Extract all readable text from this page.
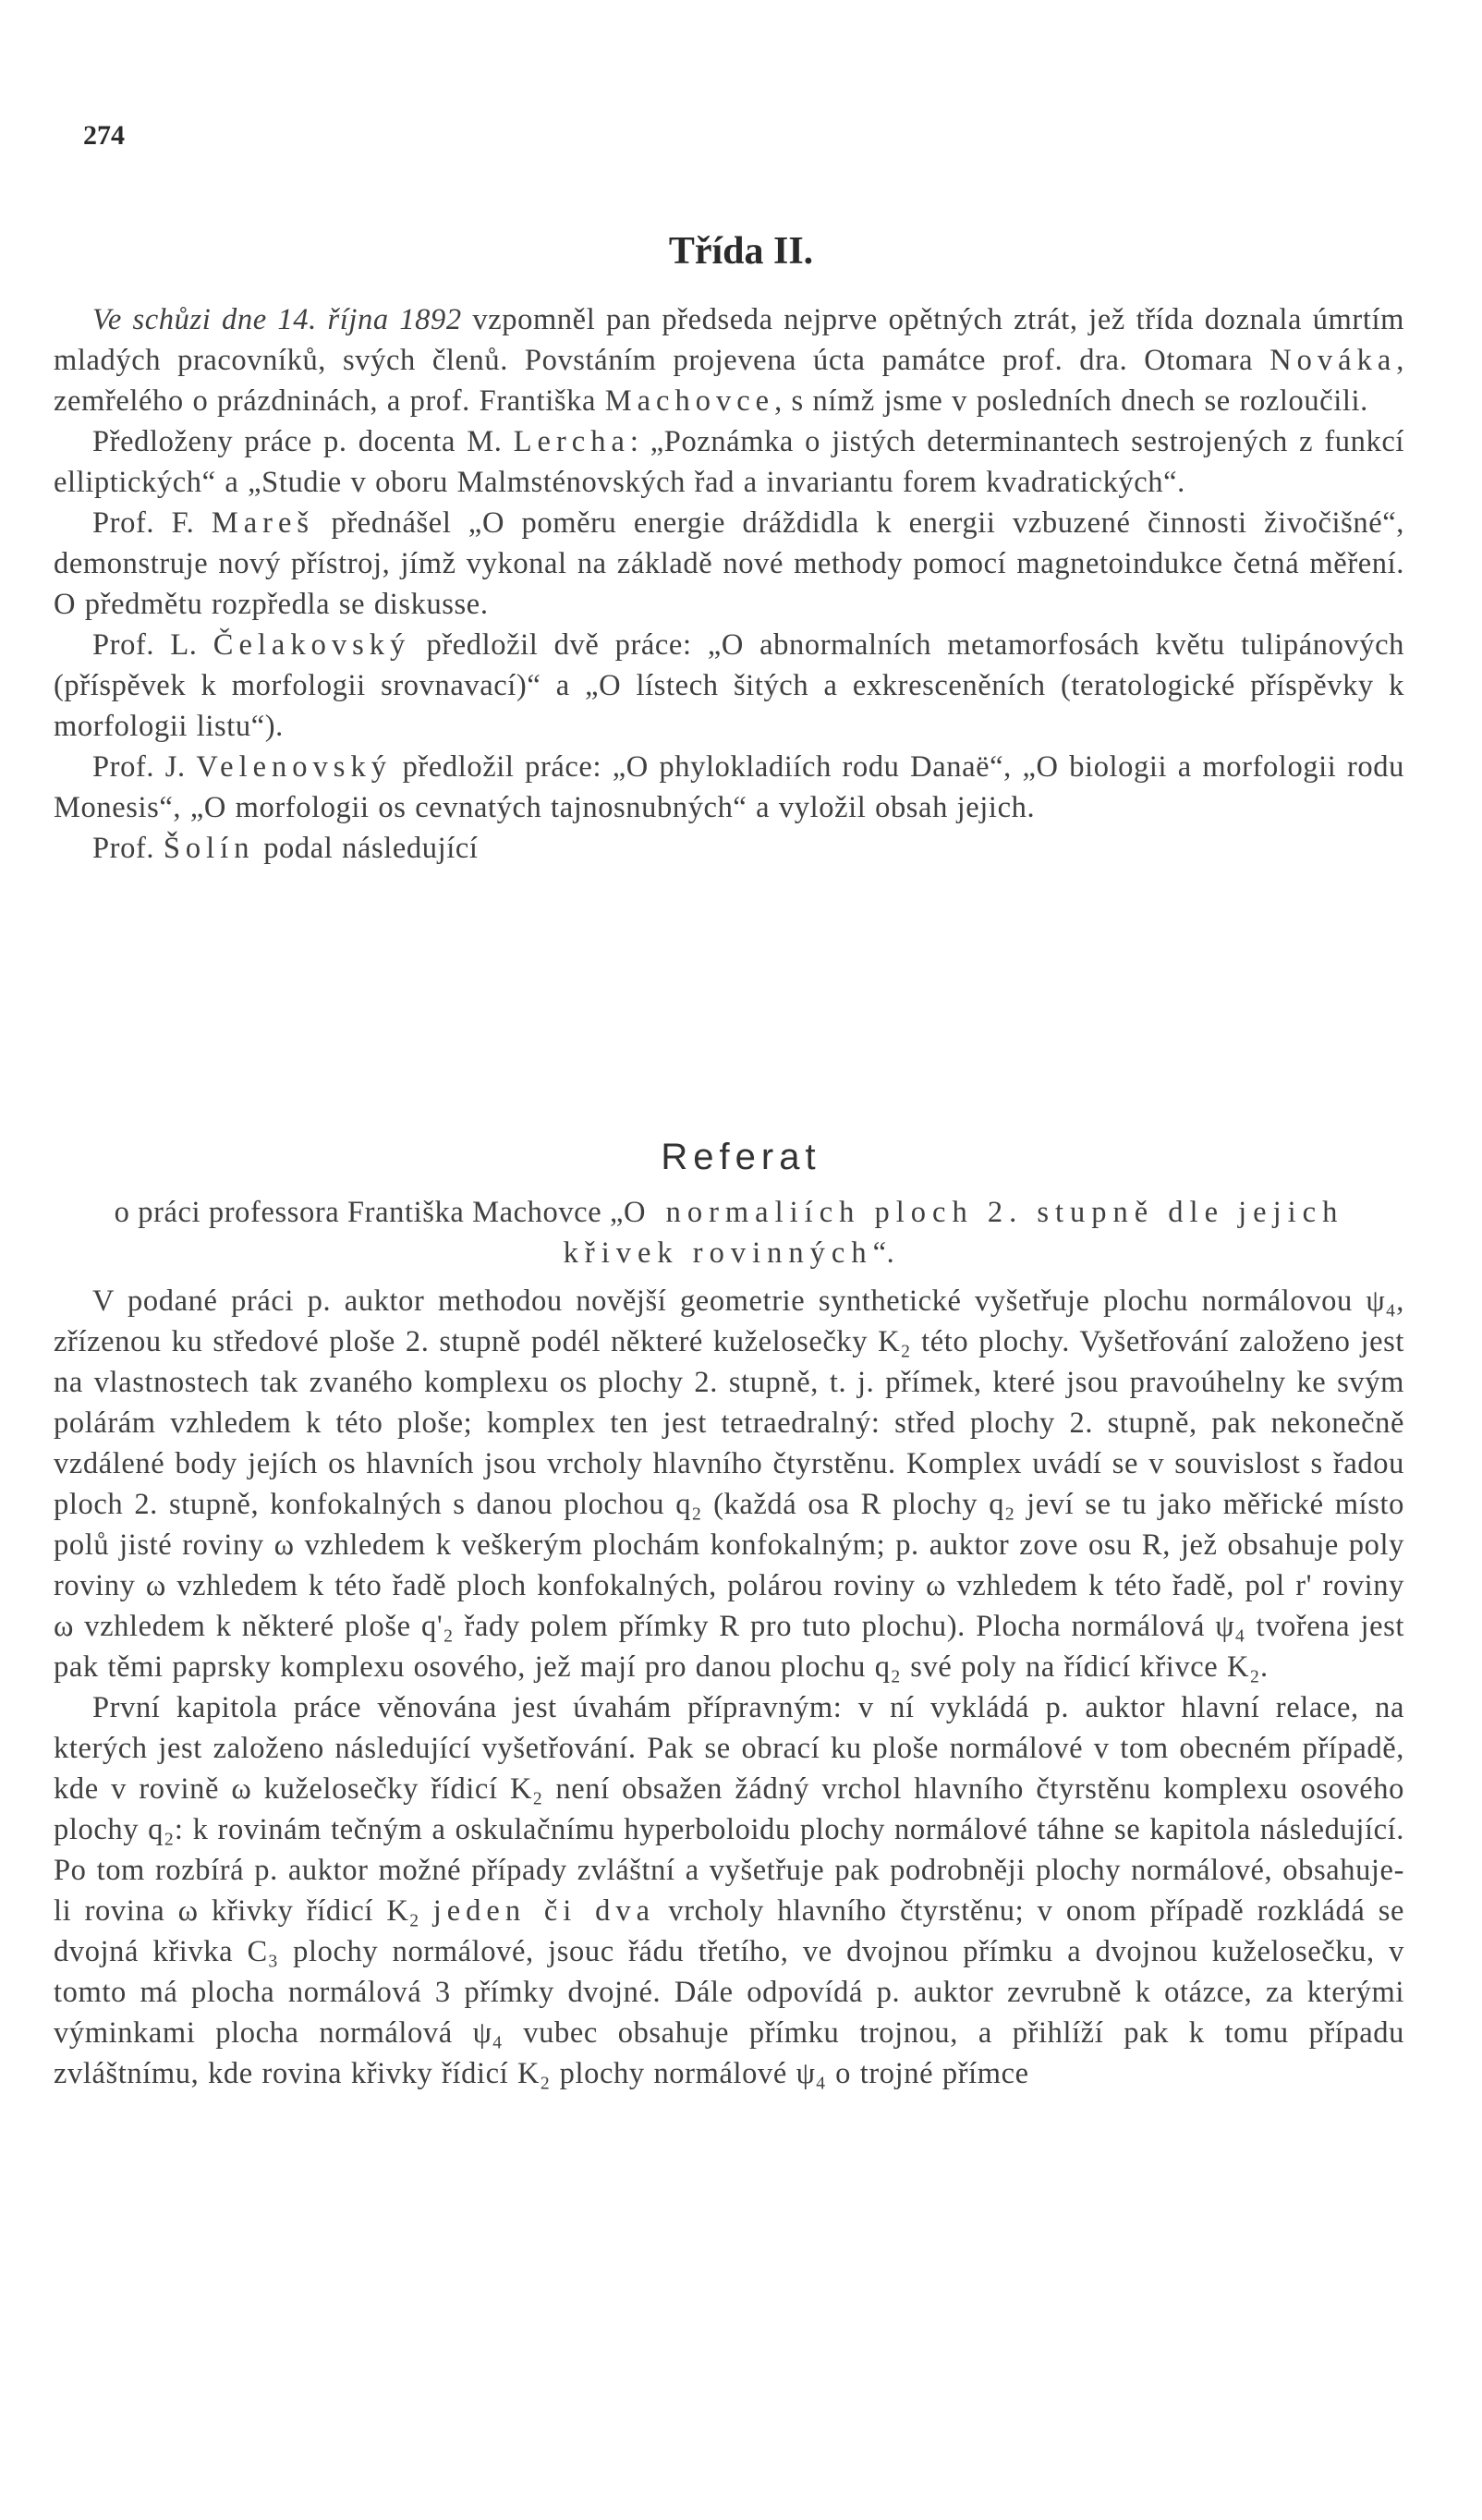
274
Třída II.

Ve schůzi dne 14. října 1892 vzpomněl pan předseda nejprve opětných ztrát, jež třída doznala úmrtím mladých pracovníků, svých členů. Povstáním projevena úcta památce prof. dra. Otomara Nováka, zemřelého o prázdninách, a prof. Františka Machovce, s nímž jsme v posledních dnech se rozloučili.

Předloženy práce p. docenta M. Lercha: „Poznámka o jistých determinantech sestrojených z funkcí elliptických“ a „Studie v oboru Malmsténovských řad a invariantu forem kvadratických“.

Prof. F. Mareš přednášel „O poměru energie dráždidla k energii vzbuzené činnosti živočišné“, demonstruje nový přístroj, jímž vykonal na základě nové methody pomocí magnetoindukce četná měření. O předmětu rozpředla se diskusse.

Prof. L. Čelakovský předložil dvě práce: „O abnormalních metamorfosách květu tulipánových (příspěvek k morfologii srovnavací)“ a „O lístech šitých a exkresceněních (teratologické příspěvky k morfologii listu“).

Prof. J. Velenovský předložil práce: „O phylokladiích rodu Danaë“, „O biologii a morfologii rodu Monesis“, „O morfologii os cevnatých tajnosnubných“ a vyložil obsah jejich.

Prof. Šolín podal následující

Referat
o práci professora Františka Machovce „O normaliích ploch 2. stupně dle jejich křivek rovinných“.

V podané práci p. auktor methodou novější geometrie synthetické vyšetřuje plochu normálovou ψ₄, zřízenou ku středové ploše 2. stupně podél některé kuželosečky K₂ této plochy. Vyšetřování založeno jest na vlastnostech tak zvaného komplexu os plochy 2. stupně, t. j. přímek, které jsou pravoúhelny ke svým polárám vzhledem k této ploše; komplex ten jest tetraedralný: střed plochy 2. stupně, pak nekonečně vzdálené body jejích os hlavních jsou vrcholy hlavního čtyrstěnu. Komplex uvádí se v souvislost s řadou ploch 2. stupně, konfokalných s danou plochou q₂ (každá osa R plochy q₂ jeví se tu jako měřické místo polů jisté roviny ω vzhledem k veškerým plochám konfokalným; p. auktor zove osu R, jež obsahuje poly roviny ω vzhledem k této řadě ploch konfokalných, polárou roviny ω vzhledem k této řadě, pol r' roviny ω vzhledem k některé ploše q'₂ řady polem přímky R pro tuto plochu). Plocha normálová ψ₄ tvořena jest pak těmi paprsky komplexu osového, jež mají pro danou plochu q₂ své poly na řídicí křivce K₂.

První kapitola práce věnována jest úvahám přípravným: v ní vykládá p. auktor hlavní relace, na kterých jest založeno následující vyšetřování. Pak se obrací ku ploše normálové v tom obecném případě, kde v rovině ω kuželosečky řídicí K₂ není obsažen žádný vrchol hlavního čtyrstěnu komplexu osového plochy q₂: k rovinám tečným a oskulačnímu hyperboloidu plochy normálové táhne se kapitola následující. Po tom rozbírá p. auktor možné případy zvláštní a vyšetřuje pak podrobněji plochy normálové, obsahuje-li rovina ω křivky řídicí K₂ jeden či dva vrcholy hlavního čtyrstěnu; v onom případě rozkládá se dvojná křivka C₃ plochy normálové, jsouc řádu třetího, ve dvojnou přímku a dvojnou kuželosečku, v tomto má plocha normálová 3 přímky dvojné. Dále odpovídá p. auktor zevrubně k otázce, za kterými výminkami plocha normálová ψ₄ vubec obsahuje přímku trojnou, a přihlíží pak k tomu případu zvláštnímu, kde rovina křivky řídicí K₂ plochy normálové ψ₄ o trojné přímce
